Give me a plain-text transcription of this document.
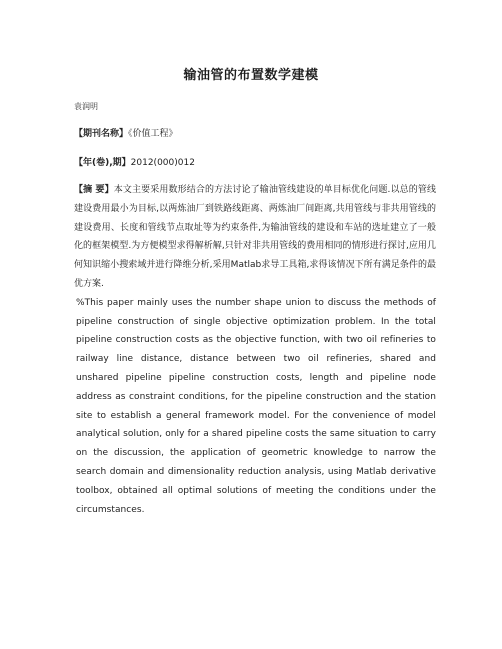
输油管的布置数学建模
袁润明
【期刊名称】《价值工程》
【年(卷),期】2012(000)012
【摘 要】本文主要采用数形结合的方法讨论了输油管线建设的单目标优化问题.以总的管线建设费用最小为目标,以两炼油厂到铁路线距离、两炼油厂间距离,共用管线与非共用管线的建设费用、长度和管线节点取址等为约束条件,为输油管线的建设和车站的选址建立了一般化的框架模型.为方便模型求得解析解,只针对非共用管线的费用相同的情形进行探讨,应用几何知识缩小搜索域并进行降维分析,采用Matlab求导工具箱,求得该情况下所有满足条件的最优方案.
%This paper mainly uses the number shape union to discuss the methods of pipeline construction of single objective optimization problem. In the total pipeline construction costs as the objective function, with two oil refineries to railway line distance, distance between two oil refineries, shared and unshared pipeline pipeline construction costs, length and pipeline node address as constraint conditions, for the pipeline construction and the station site to establish a general framework model. For the convenience of model analytical solution, only for a shared pipeline costs the same situation to carry on the discussion, the application of geometric knowledge to narrow the search domain and dimensionality reduction analysis, using Matlab derivative toolbox, obtained all optimal solutions of meeting the conditions under the circumstances.
